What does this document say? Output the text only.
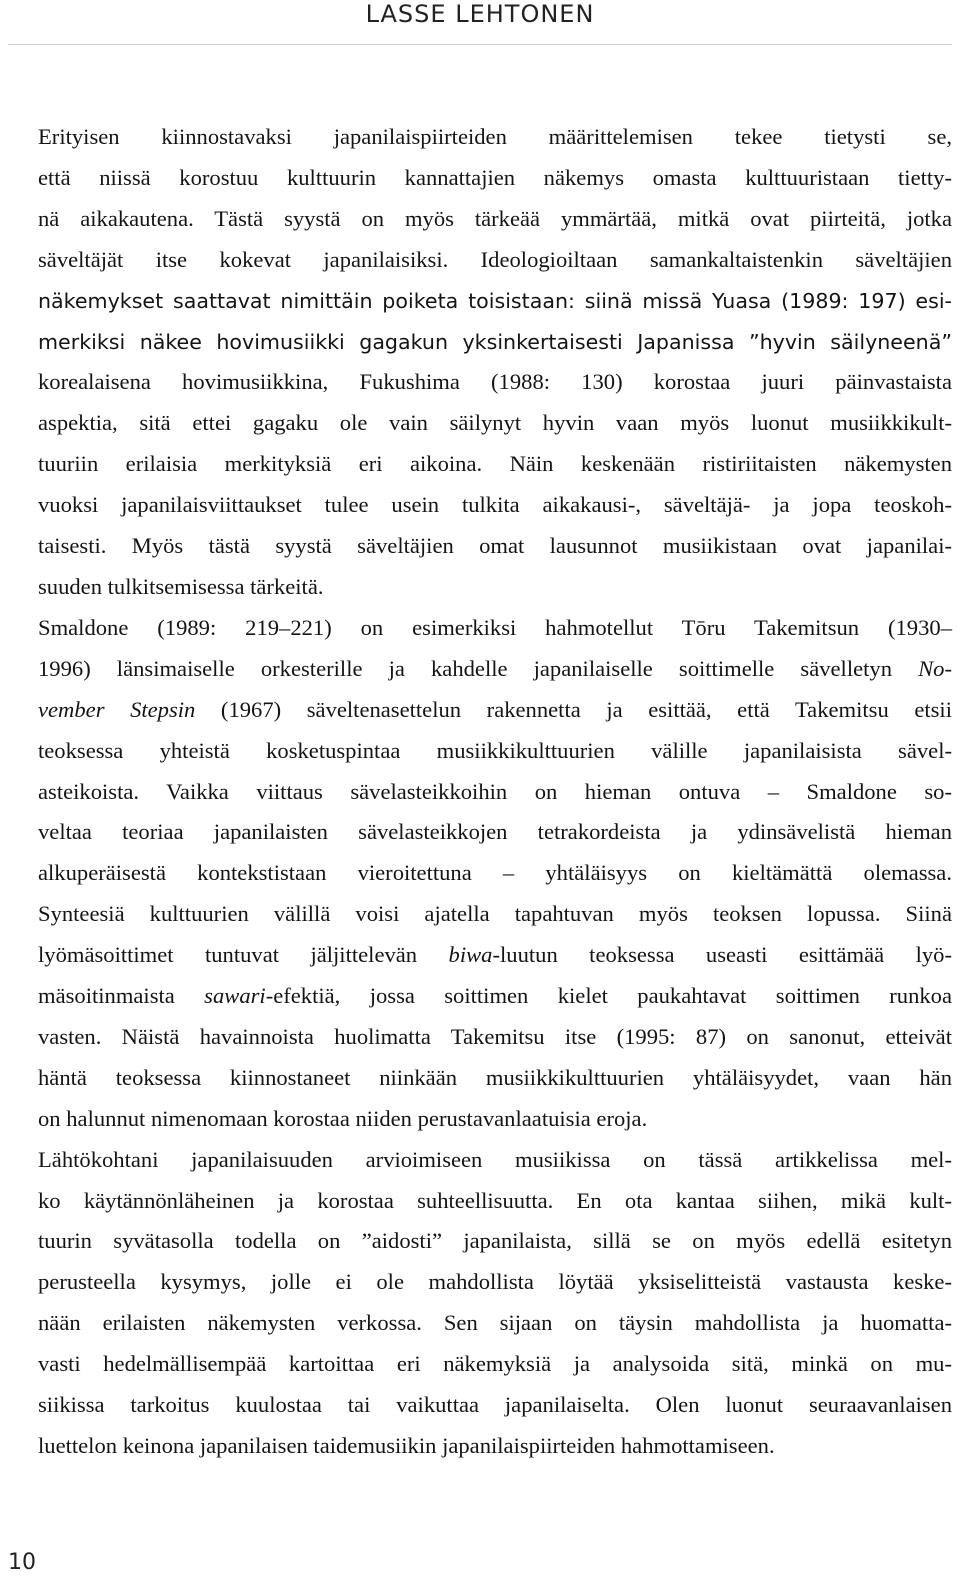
LASSE LEHTONEN

Erityisen kiinnostavaksi japanilaispiirteiden määrittelemisen tekee tietysti se,
että niissä korostuu kulttuurin kannattajien näkemys omasta kulttuuristaan tietty-
nä aikakautena. Tästä syystä on myös tärkeää ymmärtää, mitkä ovat piirteitä, jotka
säveltäjät itse kokevat japanilaisiksi. Ideologioiltaan samankaltaistenkin säveltäjien
näkemykset saattavat nimittäin poiketa toisistaan: siinä missä Yuasa (1989: 197) esi-
merkiksi näkee hovimusiikki gagakun yksinkertaisesti Japanissa ”hyvin säilyneenä”
korealaisena hovimusiikkina, Fukushima (1988: 130) korostaa juuri päinvastaista
aspektia, sitä ettei gagaku ole vain säilynyt hyvin vaan myös luonut musiikkikult-
tuuriin erilaisia merkityksiä eri aikoina. Näin keskenään ristiriitaisten näkemysten
vuoksi japanilaisviittaukset tulee usein tulkita aikakausi-, säveltäjä- ja jopa teoskoh-
taisesti. Myös tästä syystä säveltäjien omat lausunnot musiikistaan ovat japanilai-
suuden tulkitsemisessa tärkeitä.

Smaldone (1989: 219–221) on esimerkiksi hahmotellut Tōru Takemitsun (1930–
1996) länsimaiselle orkesterille ja kahdelle japanilaiselle soittimelle sävelletyn No-
vember Stepsin (1967) säveltenasettelun rakennetta ja esittää, että Takemitsu etsii
teoksessa yhteistä kosketuspintaa musiikkikulttuurien välille japanilaisista sävel-
asteikoista. Vaikka viittaus sävelasteikkoihin on hieman ontuva – Smaldone so-
veltaa teoriaa japanilaisten sävelasteikkojen tetrakordeista ja ydinsävelistä hieman
alkuperäisestä kontekstistaan vieroitettuna – yhtäläisyys on kieltämättä olemassa.
Synteesiä kulttuurien välillä voisi ajatella tapahtuvan myös teoksen lopussa. Siinä
lyömäsoittimet tuntuvat jäljittelevän biwa-luutun teoksessa useasti esittämää lyö-
mäsoitinmaista sawari-efektiä, jossa soittimen kielet paukahtavat soittimen runkoa
vasten. Näistä havainnoista huolimatta Takemitsu itse (1995: 87) on sanonut, etteivät
häntä teoksessa kiinnostaneet niinkään musiikkikulttuurien yhtäläisyydet, vaan hän
on halunnut nimenomaan korostaa niiden perustavanlaatuisia eroja.

Lähtökohtani japanilaisuuden arvioimiseen musiikissa on tässä artikkelissa mel-
ko käytännönläheinen ja korostaa suhteellisuutta. En ota kantaa siihen, mikä kult-
tuurin syvätasolla todella on ”aidosti” japanilaista, sillä se on myös edellä esitetyn
perusteella kysymys, jolle ei ole mahdollista löytää yksiselitteistä vastausta keske-
nään erilaisten näkemysten verkossa. Sen sijaan on täysin mahdollista ja huomatta-
vasti hedelmällisempää kartoittaa eri näkemyksiä ja analysoida sitä, minkä on mu-
siikissa tarkoitus kuulostaa tai vaikuttaa japanilaiselta. Olen luonut seuraavanlaisen
luettelon keinona japanilaisen taidemusiikin japanilaispiirteiden hahmottamiseen.

10
